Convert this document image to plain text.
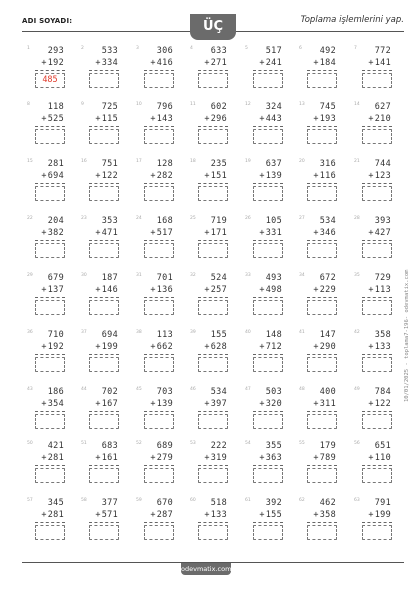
ADI SOYADI:	ÜÇ	Toplama işlemlerini yap.
1	293
+192
485
2	533
+334
3	306
+416
4	633
+271
5	517
+241
6	492
+184
7	772
+141
8	118
+525
9	725
+115
10	796
+143
11	602
+296
12	324
+443
13	745
+193
14	627
+210
15	281
+694
16	751
+122
17	128
+282
18	235
+151
19	637
+139
20	316
+116
21	744
+123
22	204
+382
23	353
+471
24	168
+517
25	719
+171
26	105
+331
27	534
+346
28	393
+427
29	679
+137
30	187
+146
31	701
+136
32	524
+257
33	493
+498
34	672
+229
35	729
+113
36	710
+192
37	694
+199
38	113
+662
39	155
+628
40	148
+712
41	147
+290
42	358
+133
43	186
+354
44	702
+167
45	703
+139
46	534
+397
47	503
+320
48	400
+311
49	784
+122
50	421
+281
51	683
+161
52	689
+279
53	222
+319
54	355
+363
55	179
+789
56	651
+110
57	345
+281
58	377
+571
59	670
+287
60	518
+133
61	392
+155
62	462
+358
63	791
+199
odevmatix.com
10/01/2025 - toplama7-196- odevmatix.com
